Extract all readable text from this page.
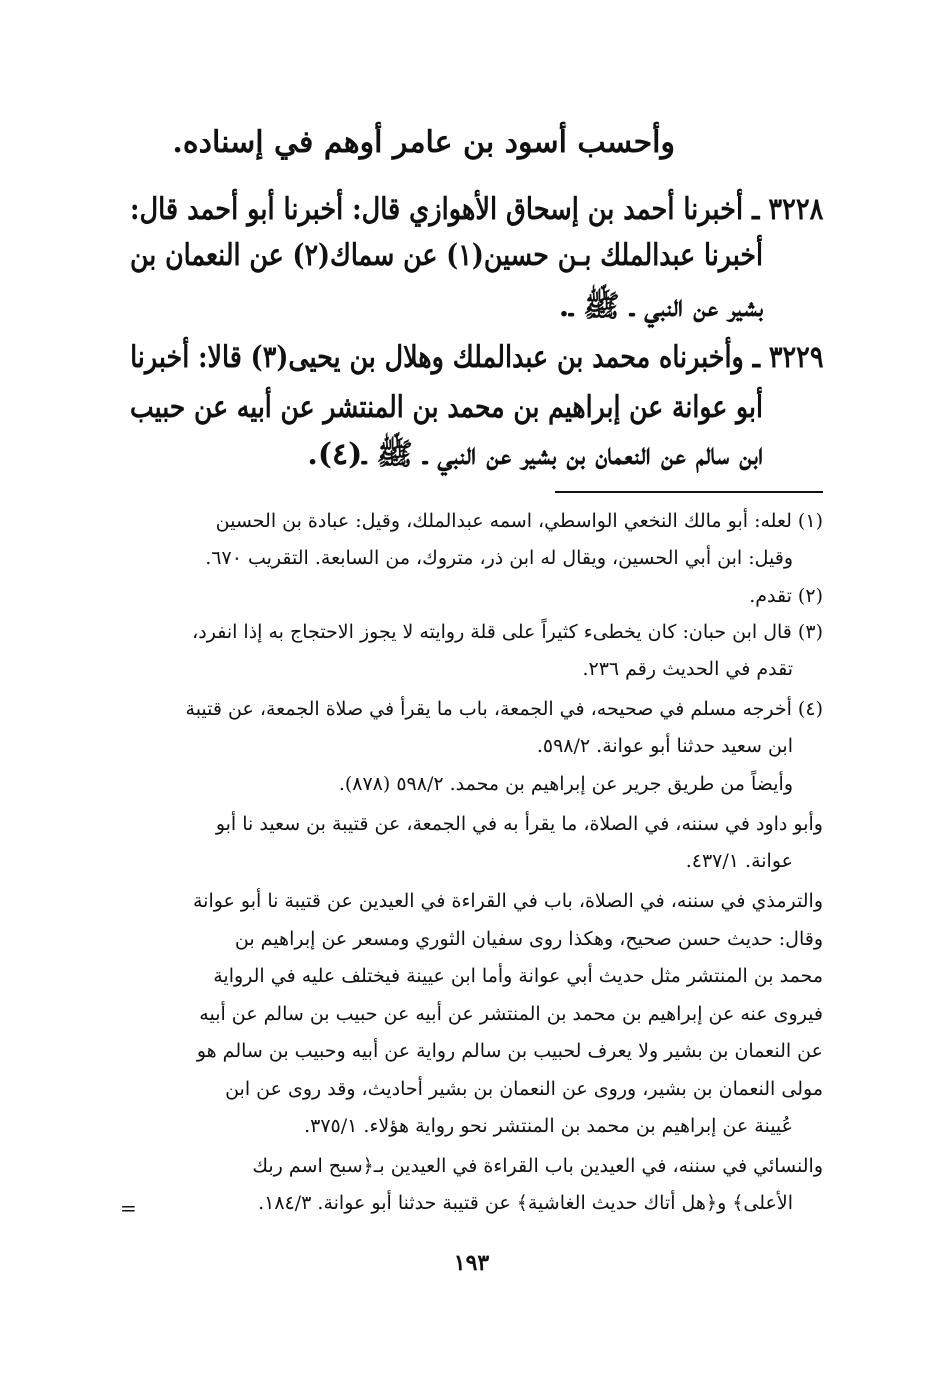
وأحسب أسود بن عامر أوهم في إسناده.
٣٢٢٨ ـ أخبرنا أحمد بن إسحاق الأهوازي قال: أخبرنا أبو أحمد قال:
أخبرنا عبدالملك بـن حسين(١) عن سماك(٢) عن النعمان بن
بشير عن النبي ـ ﷺ ـ.
٣٢٢٩ ـ وأخبرناه محمد بن عبدالملك وهلال بن يحيى(٣) قالا: أخبرنا
أبو عوانة عن إبراهيم بن محمد بن المنتشر عن أبيه عن حبيب
ابن سالم عن النعمان بن بشير عن النبي ـ ﷺ ـ(٤).
(١) لعله: أبو مالك النخعي الواسطي، اسمه عبدالملك، وقيل: عبادة بن الحسين
وقيل: ابن أبي الحسين، ويقال له ابن ذر، متروك، من السابعة. التقريب ٦٧٠.
(٢) تقدم.
(٣) قال ابن حبان: كان يخطىء كثيراً على قلة روايته لا يجوز الاحتجاج به إذا انفرد،
تقدم في الحديث رقم ٢٣٦.
(٤) أخرجه مسلم في صحيحه، في الجمعة، باب ما يقرأ في صلاة الجمعة، عن قتيبة
ابن سعيد حدثنا أبو عوانة. ٥٩٨/٢.
وأيضاً من طريق جرير عن إبراهيم بن محمد. ٥٩٨/٢ (٨٧٨).
وأبو داود في سننه، في الصلاة، ما يقرأ به في الجمعة، عن قتيبة بن سعيد نا أبو
عوانة. ٤٣٧/١.
والترمذي في سننه، في الصلاة، باب في القراءة في العيدين عن قتيبة نا أبو عوانة
وقال: حديث حسن صحيح، وهكذا روى سفيان الثوري ومسعر عن إبراهيم بن
محمد بن المنتشر مثل حديث أبي عوانة وأما ابن عيينة فيختلف عليه في الرواية
فيروى عنه عن إبراهيم بن محمد بن المنتشر عن أبيه عن حبيب بن سالم عن أبيه
عن النعمان بن بشير ولا يعرف لحبيب بن سالم رواية عن أبيه وحبيب بن سالم هو
مولى النعمان بن بشير، وروى عن النعمان بن بشير أحاديث، وقد روى عن ابن
عُيينة عن إبراهيم بن محمد بن المنتشر نحو رواية هؤلاء. ٣٧٥/١.
والنسائي في سننه، في العيدين باب القراءة في العيدين بـ﴿سبح اسم ربك
الأعلى﴾ و﴿هل أتاك حديث الغاشية﴾ عن قتيبة حدثنا أبو عوانة. ١٨٤/٣.
=
١٩٣
